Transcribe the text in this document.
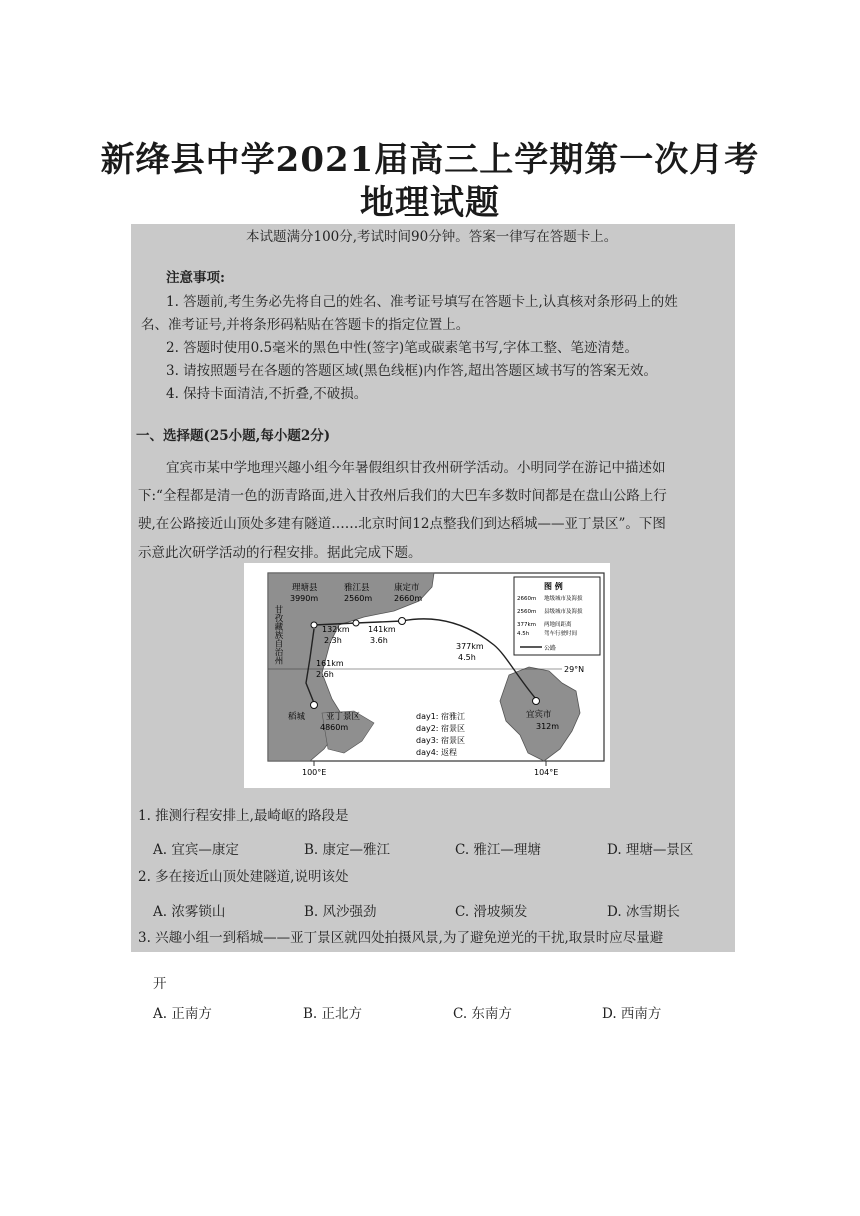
新绛县中学2021届高三上学期第一次月考
地理试题
本试题满分100分,考试时间90分钟。答案一律写在答题卡上。
注意事项:
1. 答题前,考生务必先将自己的姓名、准考证号填写在答题卡上,认真核对条形码上的姓
名、准考证号,并将条形码粘贴在答题卡的指定位置上。
2. 答题时使用0.5毫米的黑色中性(签字)笔或碳素笔书写,字体工整、笔迹清楚。
3. 请按照题号在各题的答题区域(黑色线框)内作答,超出答题区域书写的答案无效。
4. 保持卡面清洁,不折叠,不破损。
一、选择题(25小题,每小题2分)
宜宾市某中学地理兴趣小组今年暑假组织甘孜州研学活动。小明同学在游记中描述如
下:“全程都是清一色的沥青路面,进入甘孜州后我们的大巴车多数时间都是在盘山公路上行
驶,在公路接近山顶处多建有隧道……北京时间12点整我们到达稻城——亚丁景区”。下图
示意此次研学活动的行程安排。据此完成下题。
理塘县
3990m
雅江县
2560m
康定市
2660m
甘孜藏族自治州	132km
2.3h
141km
3.6h
377km
4.5h
161km
2.6h
稻城 亚丁景区
4860m
宜宾市
312m
29°N
100°E	104°E
day1: 宿雅江
day2: 宿景区
day3: 宿景区
day4: 返程
图 例
2660m 地级城市及海拔
2560m 县级城市及海拔
377km 两地间距离
4.5h	驾车行驶时间
公路
1. 推测行程安排上,最崎岖的路段是
A. 宜宾—康定	B. 康定—雅江	C. 雅江—理塘	D. 理塘—景区
2. 多在接近山顶处建隧道,说明该处
A. 浓雾锁山	B. 风沙强劲	C. 滑坡频发	D. 冰雪期长
3. 兴趣小组一到稻城——亚丁景区就四处拍摄风景,为了避免逆光的干扰,取景时应尽量避
开
A. 正南方	B. 正北方	C. 东南方	D. 西南方
